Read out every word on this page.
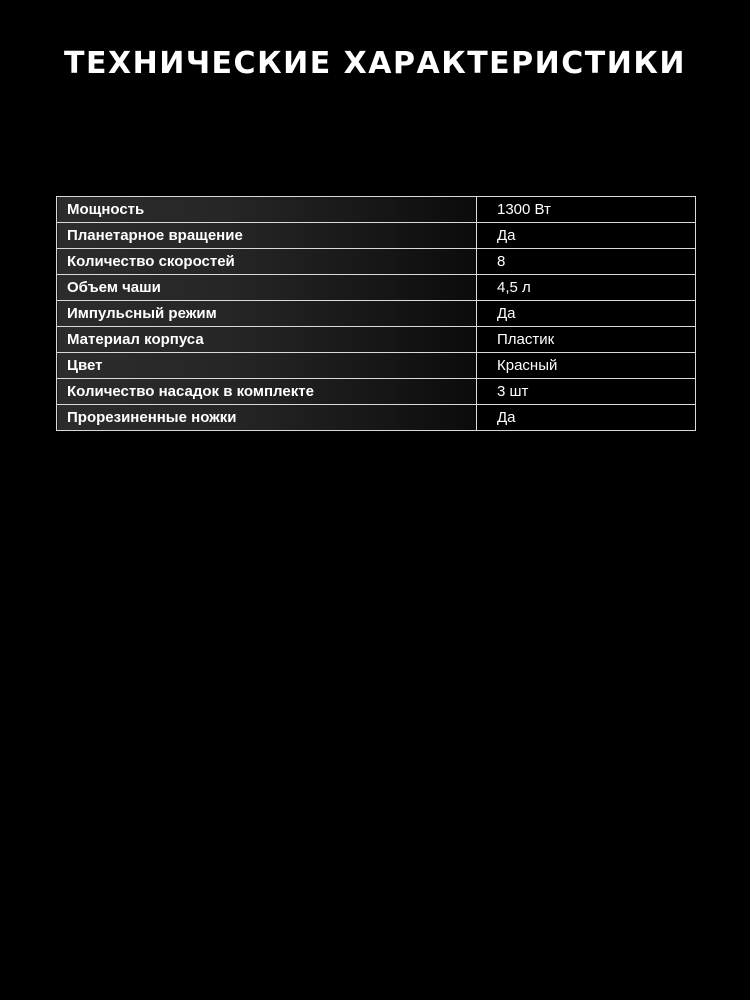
ТЕХНИЧЕСКИЕ ХАРАКТЕРИСТИКИ
Мощность	1300 Вт
Планетарное вращение	Да
Количество скоростей	8
Объем чаши	4,5 л
Импульсный режим	Да
Материал корпуса	Пластик
Цвет	Красный
Количество насадок в комплекте	3 шт
Прорезиненные ножки	Да
